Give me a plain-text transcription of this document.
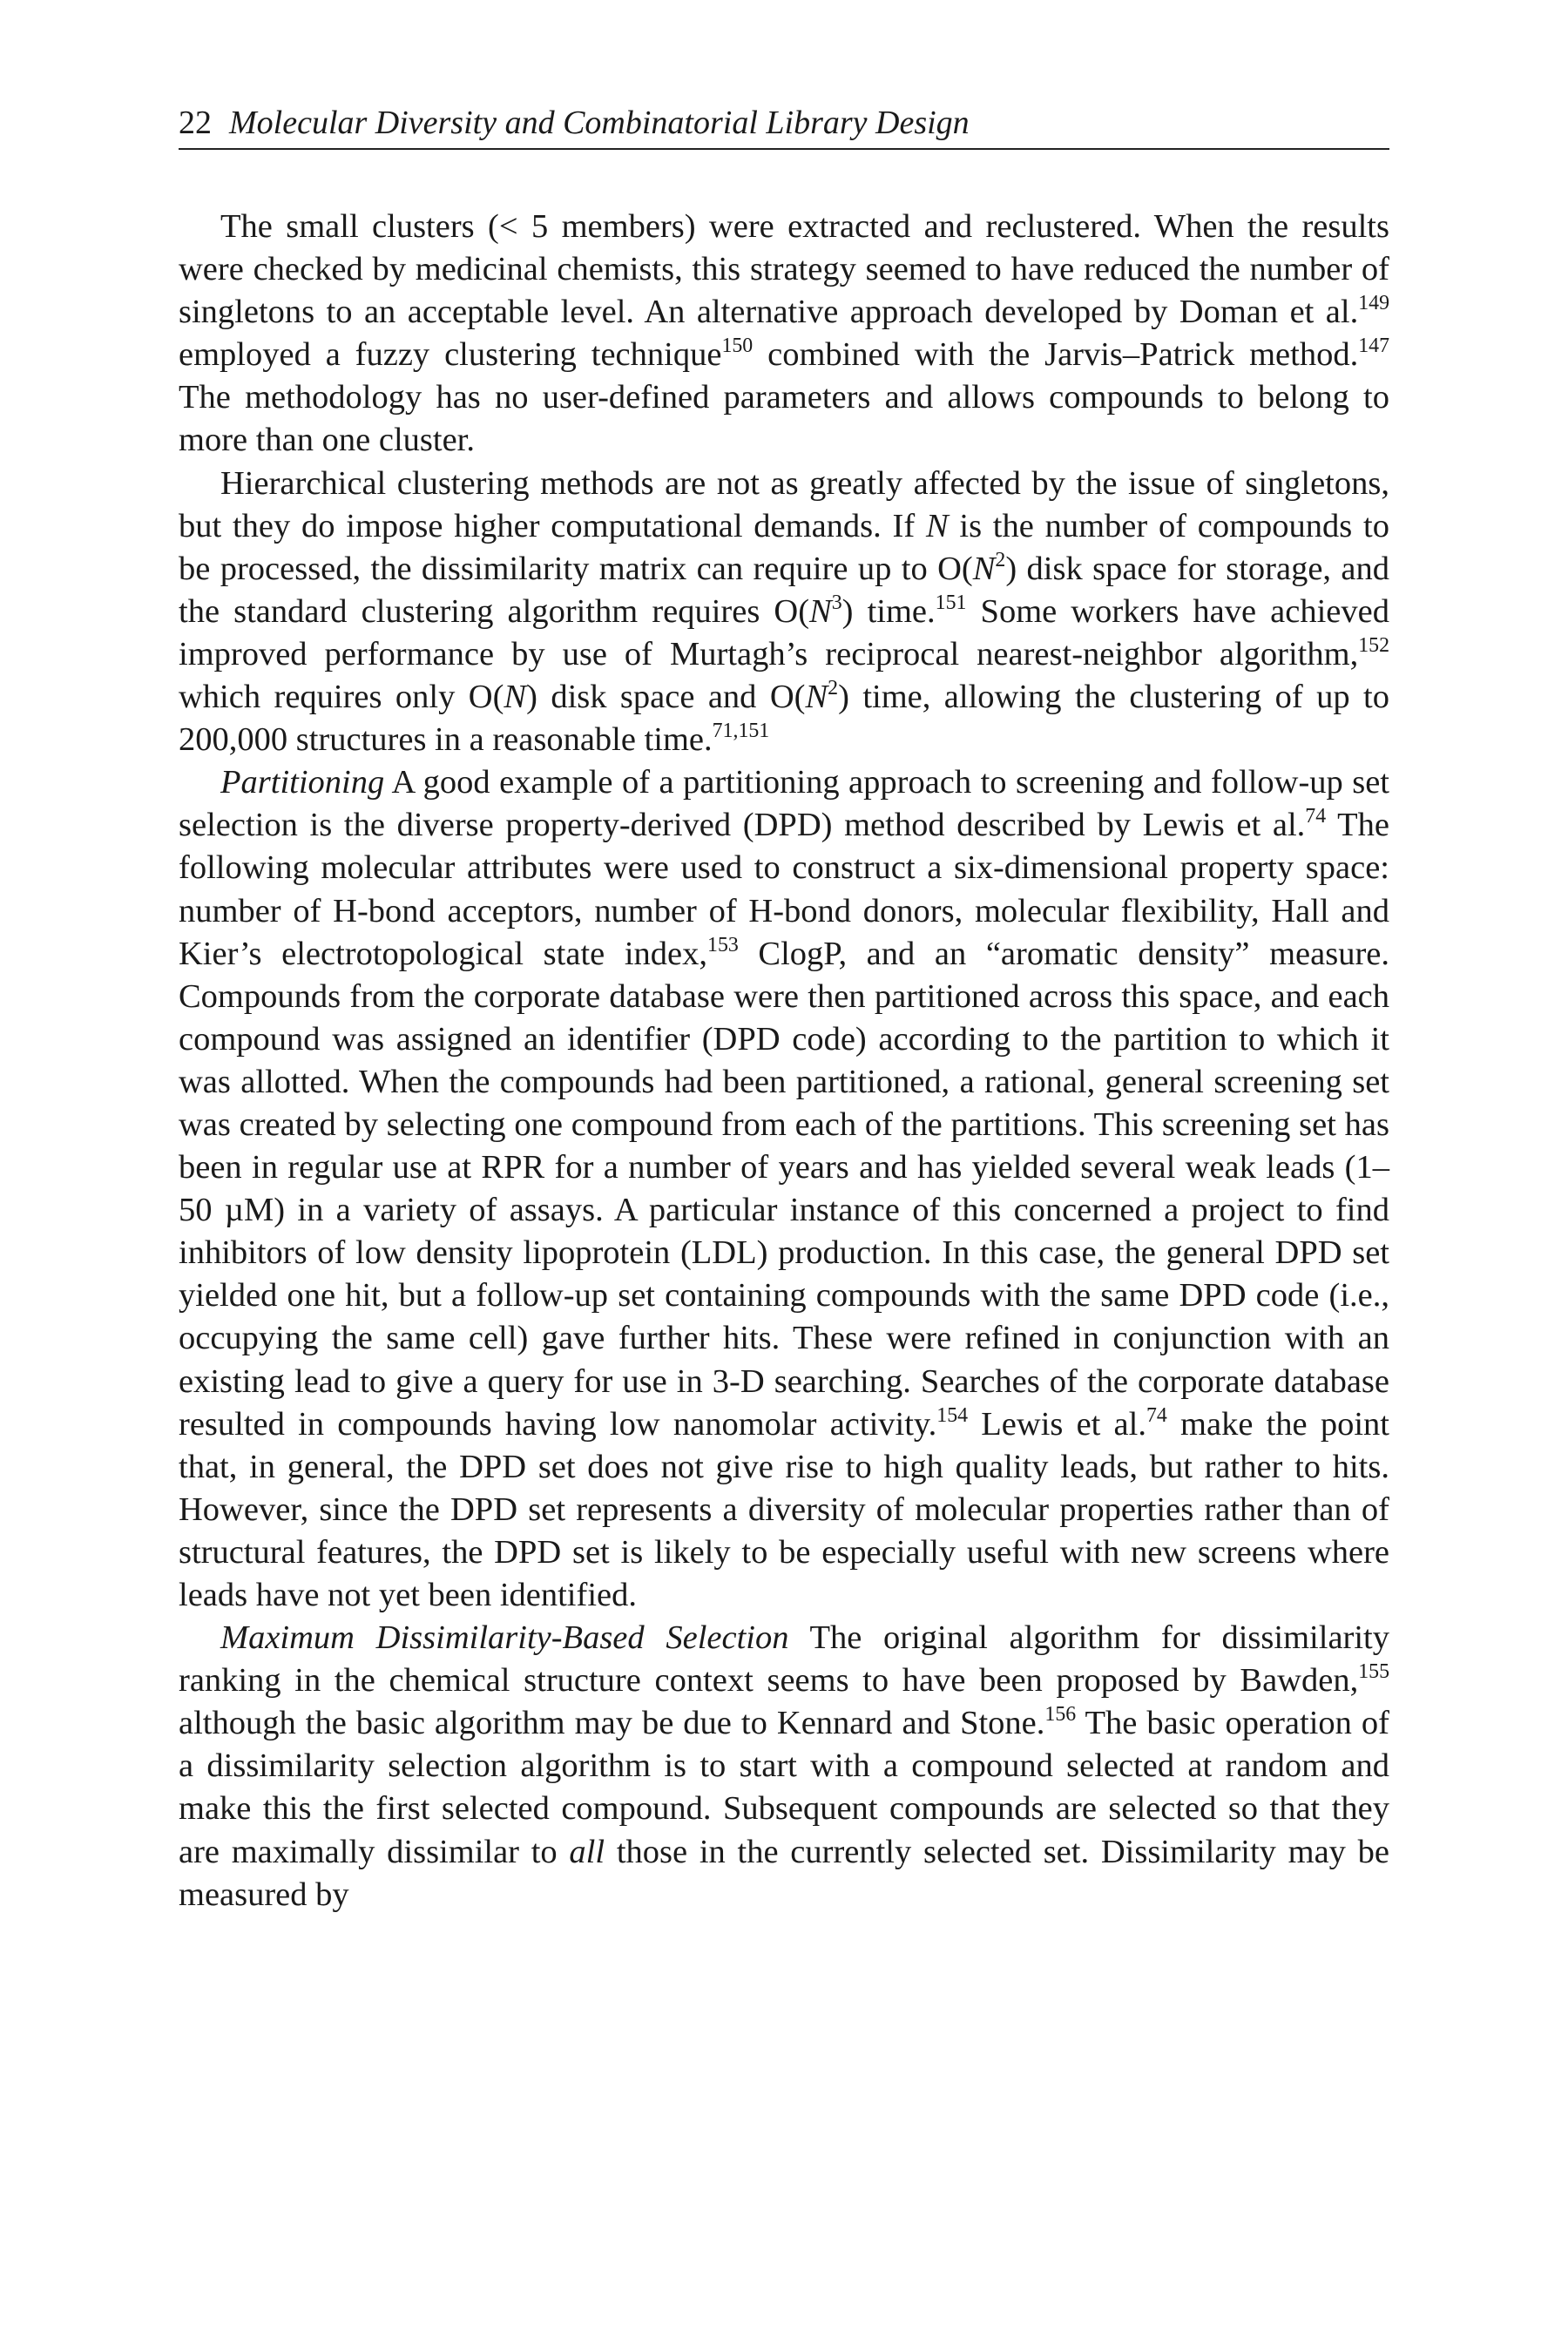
22 Molecular Diversity and Combinatorial Library Design

The small clusters (< 5 members) were extracted and reclustered. When the results were checked by medicinal chemists, this strategy seemed to have reduced the number of singletons to an acceptable level. An alternative approach developed by Doman et al.$^{149}$ employed a fuzzy clustering technique$^{150}$ combined with the Jarvis–Patrick method.$^{147}$ The methodology has no user-defined parameters and allows compounds to belong to more than one cluster.

Hierarchical clustering methods are not as greatly affected by the issue of singletons, but they do impose higher computational demands. If N is the number of compounds to be processed, the dissimilarity matrix can require up to $O(N^2)$ disk space for storage, and the standard clustering algorithm requires $O(N^3)$ time.$^{151}$ Some workers have achieved improved performance by use of Murtagh’s reciprocal nearest-neighbor algorithm,$^{152}$ which requires only O(N) disk space and $O(N^2)$ time, allowing the clustering of up to 200,000 structures in a reasonable time.$^{71,151}$

Partitioning A good example of a partitioning approach to screening and follow-up set selection is the diverse property-derived (DPD) method described by Lewis et al.$^{74}$ The following molecular attributes were used to construct a six-dimensional property space: number of H-bond acceptors, number of H-bond donors, molecular flexibility, Hall and Kier’s electrotopological state index,$^{153}$ ClogP, and an “aromatic density” measure. Compounds from the corporate database were then partitioned across this space, and each compound was assigned an identifier (DPD code) according to the partition to which it was allotted. When the compounds had been partitioned, a rational, general screening set was created by selecting one compound from each of the partitions. This screening set has been in regular use at RPR for a number of years and has yielded several weak leads (1–50 µM) in a variety of assays. A particular instance of this concerned a project to find inhibitors of low density lipoprotein (LDL) production. In this case, the general DPD set yielded one hit, but a follow-up set containing compounds with the same DPD code (i.e., occupying the same cell) gave further hits. These were refined in conjunction with an existing lead to give a query for use in 3-D searching. Searches of the corporate database resulted in compounds having low nanomolar activity.$^{154}$ Lewis et al.$^{74}$ make the point that, in general, the DPD set does not give rise to high quality leads, but rather to hits. However, since the DPD set represents a diversity of molecular properties rather than of structural features, the DPD set is likely to be especially useful with new screens where leads have not yet been identified.

Maximum Dissimilarity-Based Selection The original algorithm for dissimilarity ranking in the chemical structure context seems to have been proposed by Bawden,$^{155}$ although the basic algorithm may be due to Kennard and Stone.$^{156}$ The basic operation of a dissimilarity selection algorithm is to start with a compound selected at random and make this the first selected compound. Subsequent compounds are selected so that they are maximally dissimilar to all those in the currently selected set. Dissimilarity may be measured by
